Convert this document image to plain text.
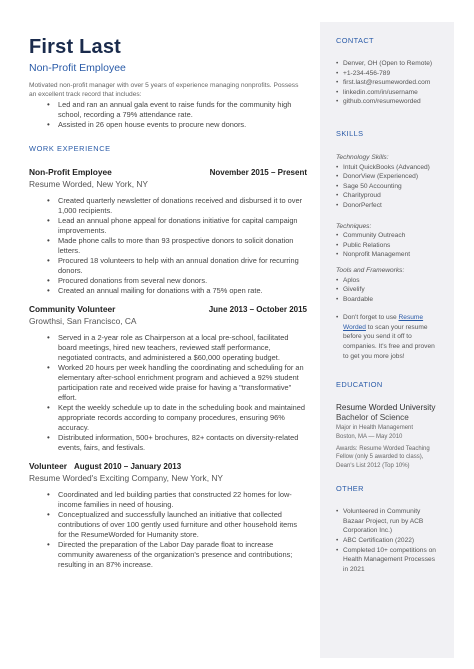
First Last
Non-Profit Employee
Motivated non-profit manager with over 5 years of experience managing nonprofits. Possess an excellent track record that includes:
• Led and ran an annual gala event to raise funds for the community high school, recording a 79% attendance rate.
• Assisted in 26 open house events to procure new donors.
WORK EXPERIENCE
Non-Profit Employee	November 2015 – Present
Resume Worded, New York, NY
• Created quarterly newsletter of donations received and disbursed it to over 1,000 recipients.
• Lead an annual phone appeal for donations initiative for capital campaign improvements.
• Made phone calls to more than 93 prospective donors to solicit donation letters.
• Procured 18 volunteers to help with an annual donation drive for recurring donors.
• Procured donations from several new donors.
• Created an annual mailing for donations with a 75% open rate.
Community Volunteer	June 2013 – October 2015
Growthsi, San Francisco, CA
• Served in a 2-year role as Chairperson at a local pre-school, facilitated board meetings, hired new teachers, reviewed staff performance, negotiated contracts, and administered a $60,000 operating budget.
• Worked 20 hours per week handling the coordinating and scheduling for an elementary after-school enrichment program and achieved a 92% student participation rate and received wide praise for having a "transformative" effort.
• Kept the weekly schedule up to date in the scheduling book and maintained appropriate records according to company procedures, ensuring 96% accuracy.
• Distributed information, 500+ brochures, 82+ contacts on diversity-related events, fairs, and festivals.
Volunteer August 2010 – January 2013
Resume Worded's Exciting Company, New York, NY
• Coordinated and led building parties that constructed 22 homes for low-income families in need of housing.
• Conceptualized and successfully launched an initiative that collected contributions of over 100 gently used furniture and other household items for the ResumeWorded for Humanity store.
• Directed the preparation of the Labor Day parade float to increase community awareness of the organization's presence and contributions; resulting in an 87% increase.
CONTACT
• Denver, OH (Open to Remote)
• +1-234-456-789
• first.last@resumeworded.com
• linkedin.com/in/username
• github.com/resumeworded
SKILLS
Technology Skills:
• Intuit QuickBooks (Advanced)
• DonorView (Experienced)
• Sage 50 Accounting
• Charityproud
• DonorPerfect
Techniques:
• Community Outreach
• Public Relations
• Nonprofit Management
Tools and Frameworks:
• Aplos
• Givelify
• Boardable
• Don't forget to use Resume Worded to scan your resume before you send it off to companies. It's free and proven to get you more jobs!
EDUCATION
Resume Worded University
Bachelor of Science
Major in Health Management
Boston, MA — May 2010
Awards: Resume Worded Teaching Fellow (only 5 awarded to class), Dean's List 2012 (Top 10%)
OTHER
• Volunteered in Community Bazaar Project, run by ACB Corporation Inc.)
• ABC Certification (2022)
• Completed 10+ competitions on Health Management Processes in 2021
